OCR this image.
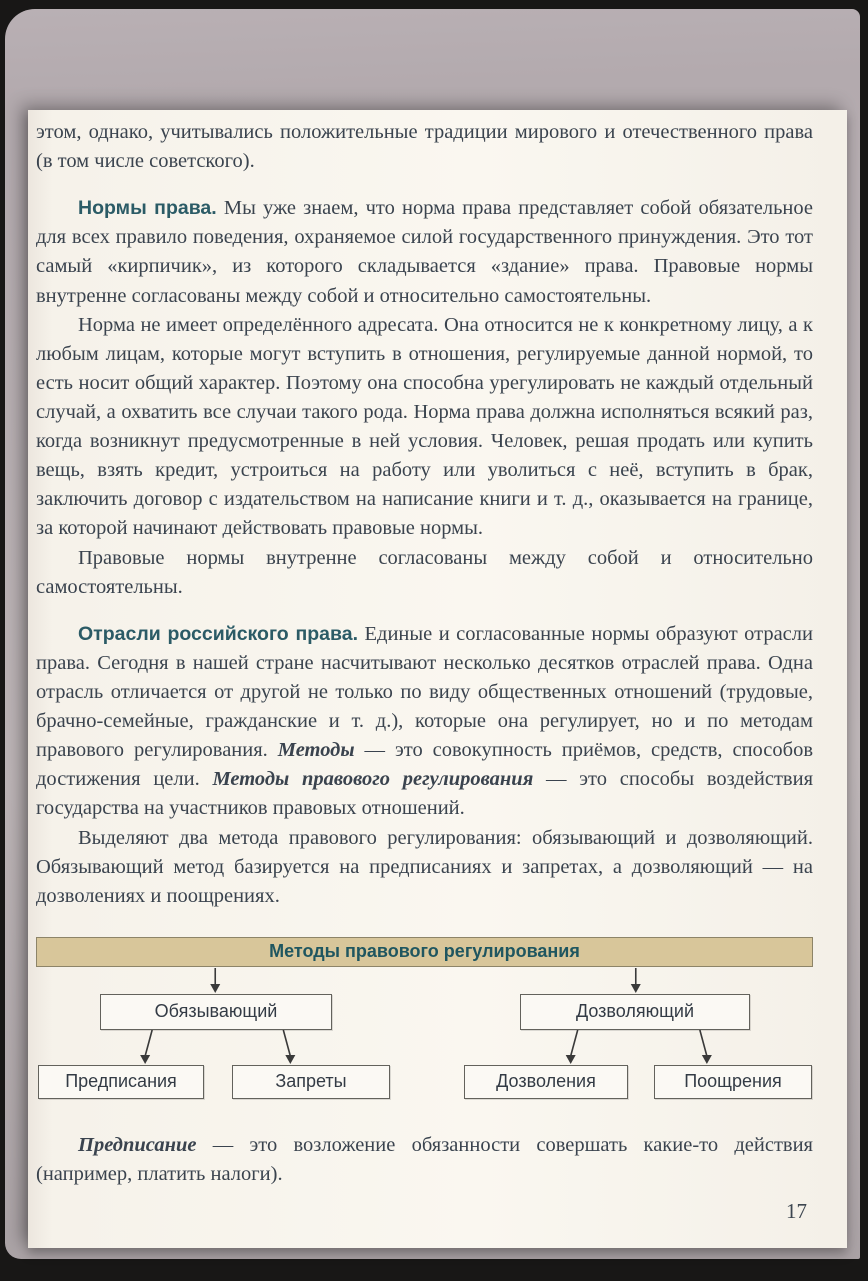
этом, однако, учитывались положительные традиции мирового и отечественного права (в том числе советского).

Нормы права. Мы уже знаем, что норма права представляет собой обязательное для всех правило поведения, охраняемое силой государственного принуждения. Это тот самый «кирпичик», из которого складывается «здание» права. Правовые нормы внутренне согласованы между собой и относительно самостоятельны.

Норма не имеет определённого адресата. Она относится не к конкретному лицу, а к любым лицам, которые могут вступить в отношения, регулируемые данной нормой, то есть носит общий характер. Поэтому она способна урегулировать не каждый отдельный случай, а охватить все случаи такого рода. Норма права должна исполняться всякий раз, когда возникнут предусмотренные в ней условия. Человек, решая продать или купить вещь, взять кредит, устроиться на работу или уволиться с неё, вступить в брак, заключить договор с издательством на написание книги и т. д., оказывается на границе, за которой начинают действовать правовые нормы.

Правовые нормы внутренне согласованы между собой и относительно самостоятельны.

Отрасли российского права. Единые и согласованные нормы образуют отрасли права. Сегодня в нашей стране насчитывают несколько десятков отраслей права. Одна отрасль отличается от другой не только по виду общественных отношений (трудовые, брачно-семейные, гражданские и т. д.), которые она регулирует, но и по методам правового регулирования. Методы — это совокупность приёмов, средств, способов достижения цели. Методы правового регулирования — это способы воздействия государства на участников правовых отношений.

Выделяют два метода правового регулирования: обязывающий и дозволяющий. Обязывающий метод базируется на предписаниях и запретах, а дозволяющий — на дозволениях и поощрениях.

Методы правового регулирования
Обязывающий	Дозволяющий
Предписания	Запреты	Дозволения	Поощрения

Предписание — это возложение обязанности совершать какие-то действия (например, платить налоги).

17
